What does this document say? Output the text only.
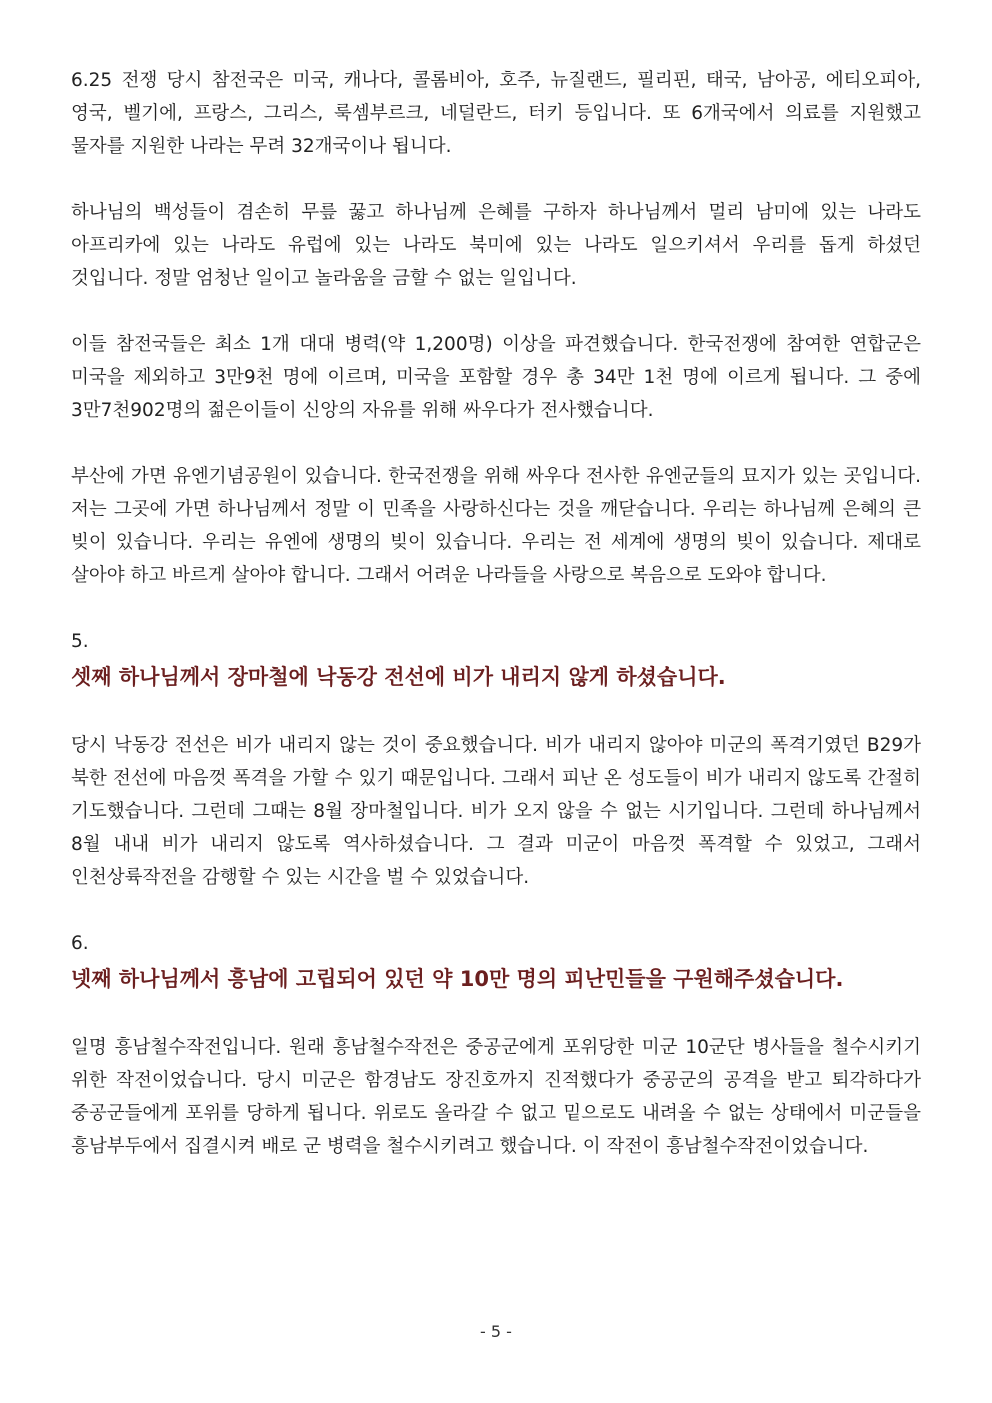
6.25 전쟁 당시 참전국은 미국, 캐나다, 콜롬비아, 호주, 뉴질랜드, 필리핀, 태국, 남아공, 에티오피아, 영국, 벨기에, 프랑스, 그리스, 룩셈부르크, 네덜란드, 터키 등입니다. 또 6개국에서 의료를 지원했고 물자를 지원한 나라는 무려 32개국이나 됩니다.

하나님의 백성들이 겸손히 무릎 꿇고 하나님께 은혜를 구하자 하나님께서 멀리 남미에 있는 나라도 아프리카에 있는 나라도 유럽에 있는 나라도 북미에 있는 나라도 일으키셔서 우리를 돕게 하셨던 것입니다. 정말 엄청난 일이고 놀라움을 금할 수 없는 일입니다.

이들 참전국들은 최소 1개 대대 병력(약 1,200명) 이상을 파견했습니다. 한국전쟁에 참여한 연합군은 미국을 제외하고 3만9천 명에 이르며, 미국을 포함할 경우 총 34만 1천 명에 이르게 됩니다. 그 중에 3만7천902명의 젊은이들이 신앙의 자유를 위해 싸우다가 전사했습니다.

부산에 가면 유엔기념공원이 있습니다. 한국전쟁을 위해 싸우다 전사한 유엔군들의 묘지가 있는 곳입니다. 저는 그곳에 가면 하나님께서 정말 이 민족을 사랑하신다는 것을 깨닫습니다. 우리는 하나님께 은혜의 큰 빚이 있습니다. 우리는 유엔에 생명의 빚이 있습니다. 우리는 전 세계에 생명의 빚이 있습니다. 제대로 살아야 하고 바르게 살아야 합니다. 그래서 어려운 나라들을 사랑으로 복음으로 도와야 합니다.

5.

셋째 하나님께서 장마철에 낙동강 전선에 비가 내리지 않게 하셨습니다.

당시 낙동강 전선은 비가 내리지 않는 것이 중요했습니다. 비가 내리지 않아야 미군의 폭격기였던 B29가 북한 전선에 마음껏 폭격을 가할 수 있기 때문입니다. 그래서 피난 온 성도들이 비가 내리지 않도록 간절히 기도했습니다. 그런데 그때는 8월 장마철입니다. 비가 오지 않을 수 없는 시기입니다. 그런데 하나님께서 8월 내내 비가 내리지 않도록 역사하셨습니다. 그 결과 미군이 마음껏 폭격할 수 있었고, 그래서 인천상륙작전을 감행할 수 있는 시간을 벌 수 있었습니다.

6.

넷째 하나님께서 흥남에 고립되어 있던 약 10만 명의 피난민들을 구원해주셨습니다.

일명 흥남철수작전입니다. 원래 흥남철수작전은 중공군에게 포위당한 미군 10군단 병사들을 철수시키기 위한 작전이었습니다. 당시 미군은 함경남도 장진호까지 진적했다가 중공군의 공격을 받고 퇴각하다가 중공군들에게 포위를 당하게 됩니다. 위로도 올라갈 수 없고 밑으로도 내려올 수 없는 상태에서 미군들을 흥남부두에서 집결시켜 배로 군 병력을 철수시키려고 했습니다. 이 작전이 흥남철수작전이었습니다.

- 5 -
